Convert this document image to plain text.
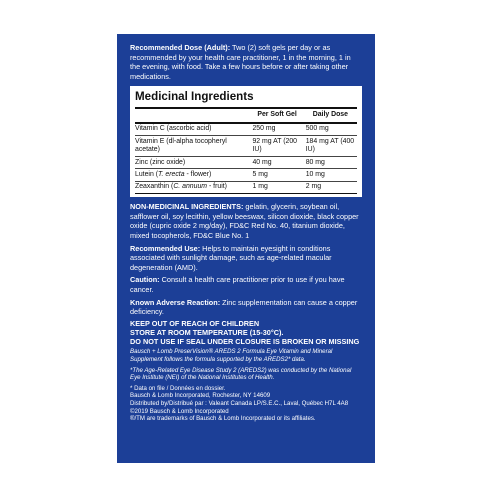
Recommended Dose (Adult): Two (2) soft gels per day or as recommended by your health care practitioner, 1 in the morning, 1 in the evening, with food. Take a few hours before or after taking other medications.

Medicinal Ingredients
	Per Soft Gel	Daily Dose
Vitamin C (ascorbic acid)	250 mg	500 mg
Vitamin E (dl-alpha tocopheryl acetate)	92 mg AT (200 IU)	184 mg AT (400 IU)
Zinc (zinc oxide)	40 mg	80 mg
Lutein (T. erecta - flower)	5 mg	10 mg
Zeaxanthin (C. annuum - fruit)	1 mg	2 mg

NON-MEDICINAL INGREDIENTS: gelatin, glycerin, soybean oil, safflower oil, soy lecithin, yellow beeswax, silicon dioxide, black copper oxide (cupric oxide 2 mg/day), FD&C Red No. 40, titanium dioxide, mixed tocopherols, FD&C Blue No. 1

Recommended Use: Helps to maintain eyesight in conditions associated with sunlight damage, such as age-related macular degeneration (AMD).

Caution: Consult a health care practitioner prior to use if you have cancer.

Known Adverse Reaction: Zinc supplementation can cause a copper deficiency.

KEEP OUT OF REACH OF CHILDREN
STORE AT ROOM TEMPERATURE (15-30°C).
DO NOT USE IF SEAL UNDER CLOSURE IS BROKEN OR MISSING

Bausch + Lomb PreserVision® AREDS 2 Formula Eye Vitamin and Mineral Supplement follows the formula supported by the AREDS2* data.

*The Age-Related Eye Disease Study 2 (AREDS2) was conducted by the National Eye Institute (NEI) of the National Institutes of Health.

* Data on file / Données en dossier.
Bausch & Lomb Incorporated, Rochester, NY 14609
Distributed by/Distribué par : Valeant Canada LP/S.E.C., Laval, Québec H7L 4A8
©2019 Bausch & Lomb Incorporated
®/TM are trademarks of Bausch & Lomb Incorporated or its affiliates.
